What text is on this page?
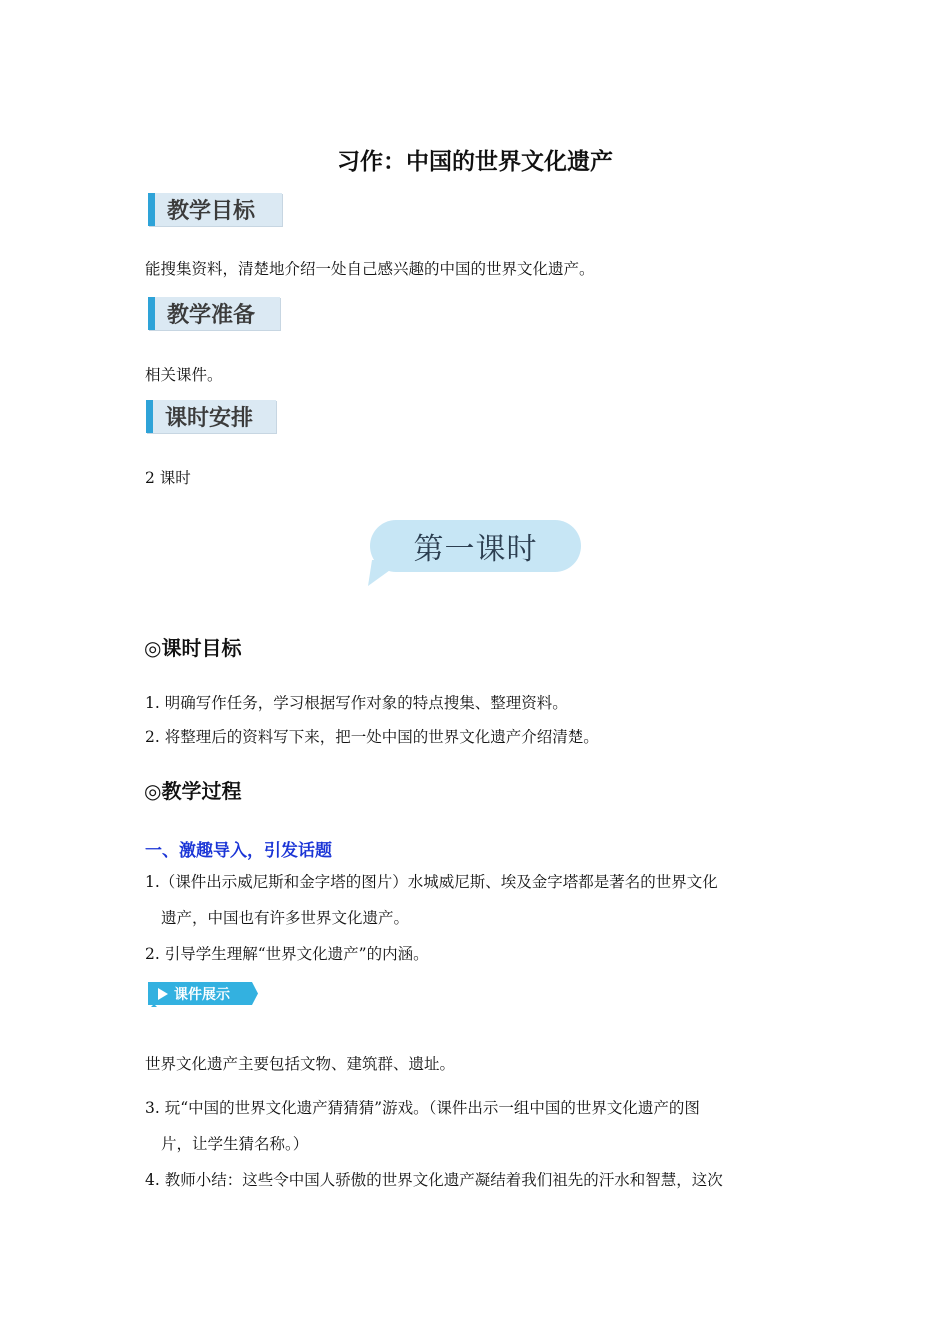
习作：中国的世界文化遗产
教学目标
能搜集资料，清楚地介绍一处自己感兴趣的中国的世界文化遗产。
教学准备
相关课件。
课时安排
2 课时
第一课时
◎课时目标
1. 明确写作任务，学习根据写作对象的特点搜集、整理资料。
2. 将整理后的资料写下来，把一处中国的世界文化遗产介绍清楚。
◎教学过程
一、激趣导入，引发话题
1.（课件出示威尼斯和金字塔的图片）水城威尼斯、埃及金字塔都是著名的世界文化
遗产，中国也有许多世界文化遗产。
2. 引导学生理解“世界文化遗产”的内涵。
课件展示
世界文化遗产主要包括文物、建筑群、遗址。
3. 玩“中国的世界文化遗产猜猜猜”游戏。（课件出示一组中国的世界文化遗产的图
片，让学生猜名称。）
4. 教师小结：这些令中国人骄傲的世界文化遗产凝结着我们祖先的汗水和智慧，这次
